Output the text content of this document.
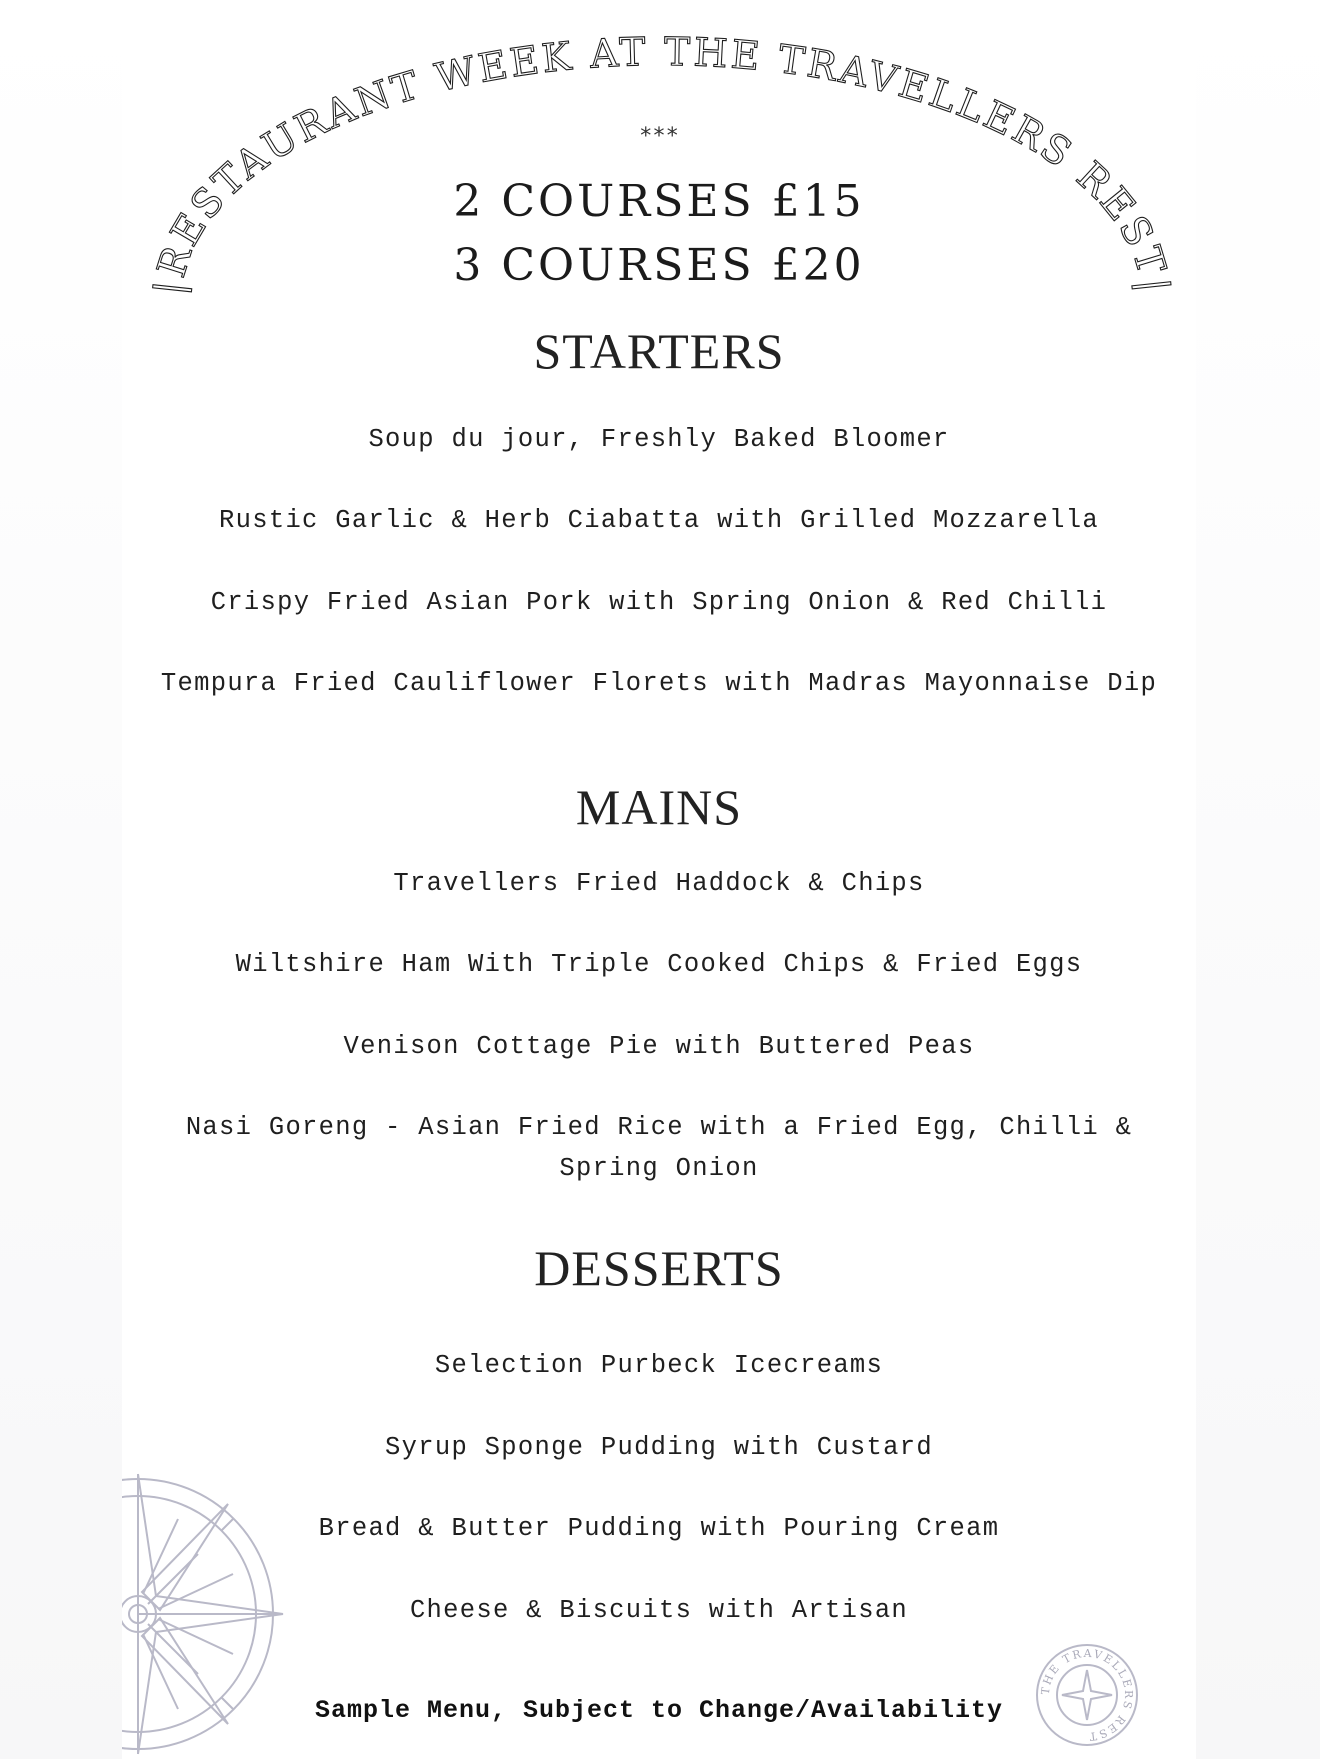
|RESTAURANT WEEK AT THE TRAVELLERS REST|
***
2 COURSES £15
3 COURSES £20
STARTERS
Soup du jour, Freshly Baked Bloomer
Rustic Garlic & Herb Ciabatta with Grilled Mozzarella
Crispy Fried Asian Pork with Spring Onion & Red Chilli
Tempura Fried Cauliflower Florets with Madras Mayonnaise Dip
MAINS
Travellers Fried Haddock & Chips
Wiltshire Ham With Triple Cooked Chips & Fried Eggs
Venison Cottage Pie with Buttered Peas
Nasi Goreng - Asian Fried Rice with a Fried Egg, Chilli & Spring Onion
DESSERTS
Selection Purbeck Icecreams
Syrup Sponge Pudding with Custard
Bread & Butter Pudding with Pouring Cream
Cheese & Biscuits with Artisan
THE TRAVELLERS REST
Sample Menu, Subject to Change/Availability
